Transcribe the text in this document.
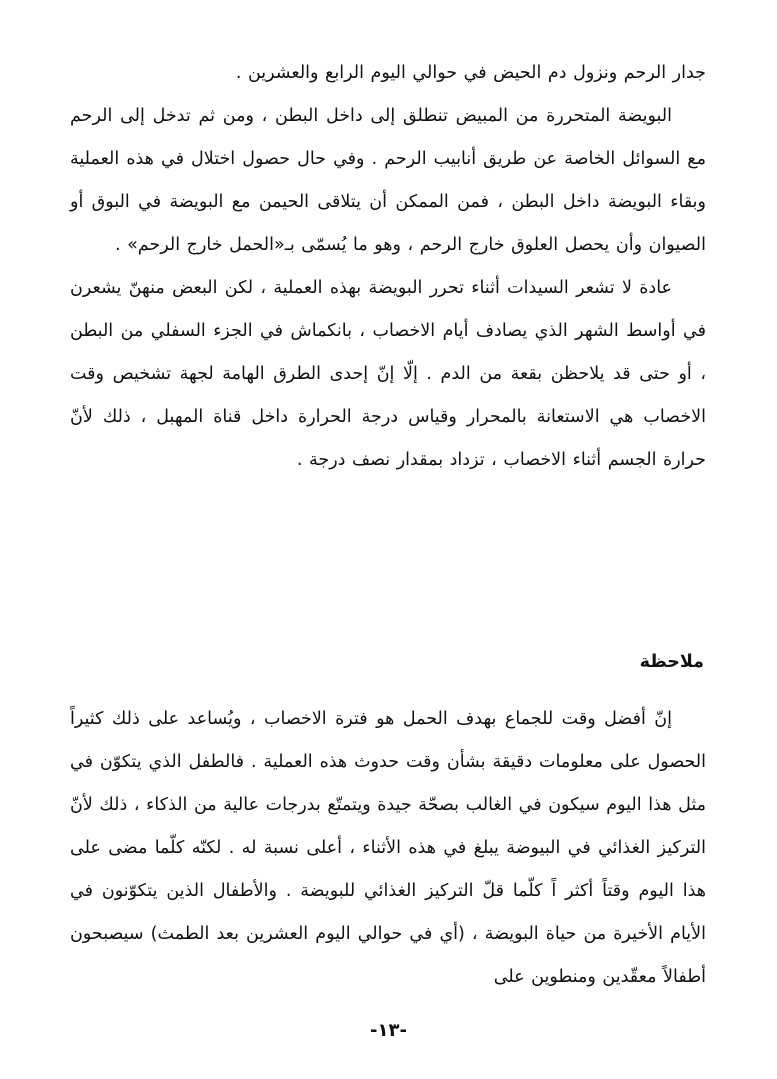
جدار الرحم ونزول دم الحيض في حوالي اليوم الرابع والعشرين .

البويضة المتحررة من المبيض تنطلق إلى داخل البطن ، ومن ثم تدخل إلى الرحم مع السوائل الخاصة عن طريق أنابيب الرحم . وفي حال حصول اختلال في هذه العملية وبقاء البويضة داخل البطن ، فمن الممكن أن يتلاقى الحيمن مع البويضة في البوق أو الصيوان وأن يحصل العلوق خارج الرحم ، وهو ما يُسمّى بـ«الحمل خارج الرحم» .

عادة لا تشعر السيدات أثناء تحرر البويضة بهذه العملية ، لكن البعض منهنّ يشعرن في أواسط الشهر الذي يصادف أيام الاخصاب ، بانكماش في الجزء السفلي من البطن ، أو حتى قد يلاحظن بقعة من الدم . إلّا إنّ إحدى الطرق الهامة لجهة تشخيص وقت الاخصاب هي الاستعانة بالمحرار وقياس درجة الحرارة داخل قناة المهبل ، ذلك لأنّ حرارة الجسم أثناء الاخصاب ، تزداد بمقدار نصف درجة .

ملاحظة

إنّ أفضل وقت للجماع بهدف الحمل هو فترة الاخصاب ، ويُساعد على ذلك كثيراً الحصول على معلومات دقيقة بشأن وقت حدوث هذه العملية . فالطفل الذي يتكوّن في مثل هذا اليوم سيكون في الغالب بصحّة جيدة ويتمتّع بدرجات عالية من الذكاء ، ذلك لأنّ التركيز الغذائي في البيوضة يبلغ في هذه الأثناء ، أعلى نسبة له . لكنّه كلّما مضى على هذا اليوم وقتاً أكثر اً كلّما قلّ التركيز الغذائي للبويضة . والأطفال الذين يتكوّنون في الأيام الأخيرة من حياة البويضة ، (أي في حوالي اليوم العشرين بعد الطمث) سيصبحون أطفالاً معقّدين ومنطوين على

-١٣-
